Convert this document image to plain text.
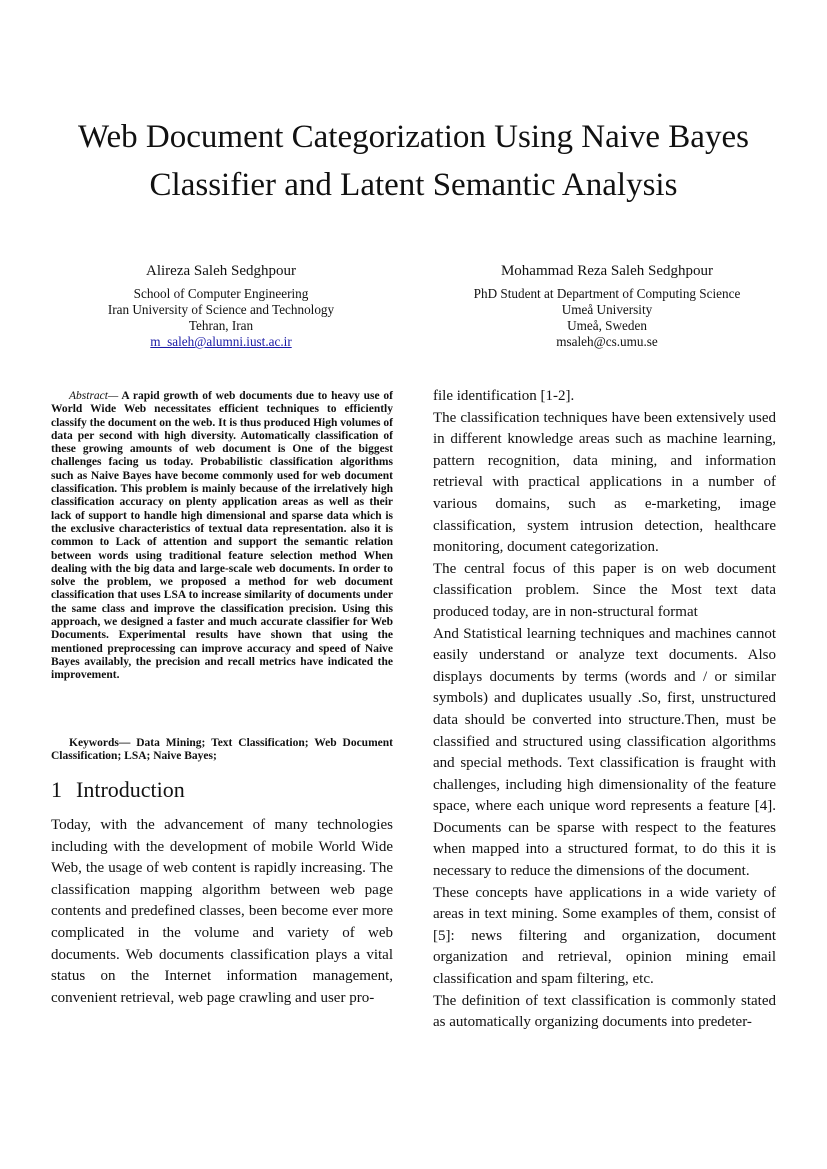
Web Document Categorization Using Naive Bayes
Classifier and Latent Semantic Analysis
Alireza Saleh Sedghpour
School of Computer Engineering
Iran University of Science and Technology
Tehran, Iran
m_saleh@alumni.iust.ac.ir
Mohammad Reza Saleh Sedghpour
PhD Student at Department of Computing Science
Umeå University
Umeå, Sweden
msaleh@cs.umu.se
Abstract— A rapid growth of web documents due to heavy use of World Wide Web necessitates efficient techniques to efficiently classify the document on the web. It is thus produced High volumes of data per second with high diversity. Automatically classification of these growing amounts of web document is One of the biggest challenges facing us today. Probabilistic classification algorithms such as Naive Bayes have become commonly used for web document classification. This problem is mainly because of the irrelatively high classification accuracy on plenty application areas as well as their lack of support to handle high dimensional and sparse data which is the exclusive characteristics of textual data representation. also it is common to Lack of attention and support the semantic relation between words using traditional feature selection method When dealing with the big data and large-scale web documents. In order to solve the problem, we proposed a method for web document classification that uses LSA to increase similarity of documents under the same class and improve the classification precision. Using this approach, we designed a faster and much accurate classifier for Web Documents. Experimental results have shown that using the mentioned preprocessing can improve accuracy and speed of Naive Bayes availably, the precision and recall metrics have indicated the improvement.
Keywords— Data Mining; Text Classification; Web Document Classification; LSA; Naive Bayes;
1 Introduction

Today, with the advancement of many technologies including with the development of mobile World Wide Web, the usage of web content is rapidly increasing. The classification mapping algorithm between web page contents and predefined classes, been become ever more complicated in the volume and variety of web documents. Web documents classification plays a vital status on the Internet information management, convenient retrieval, web page crawling and user pro-

file identification [1-2].

The classification techniques have been extensively used in different knowledge areas such as machine learning, pattern recognition, data mining, and information retrieval with practical applications in a number of various domains, such as e-marketing, image classification, system intrusion detection, healthcare monitoring, document categorization.

The central focus of this paper is on web document classification problem. Since the Most text data produced today, are in non-structural format

And Statistical learning techniques and machines cannot easily understand or analyze text documents. Also displays documents by terms (words and / or similar symbols) and duplicates usually .So, first, unstructured data should be converted into structure.Then, must be classified and structured using classification algorithms and special methods. Text classification is fraught with challenges, including high dimensionality of the feature space, where each unique word represents a feature [4]. Documents can be sparse with respect to the features when mapped into a structured format, to do this it is necessary to reduce the dimensions of the document.

These concepts have applications in a wide variety of areas in text mining. Some examples of them, consist of [5]: news filtering and organization, document organization and retrieval, opinion mining email classification and spam filtering, etc.

The definition of text classification is commonly stated as automatically organizing documents into predeter-
